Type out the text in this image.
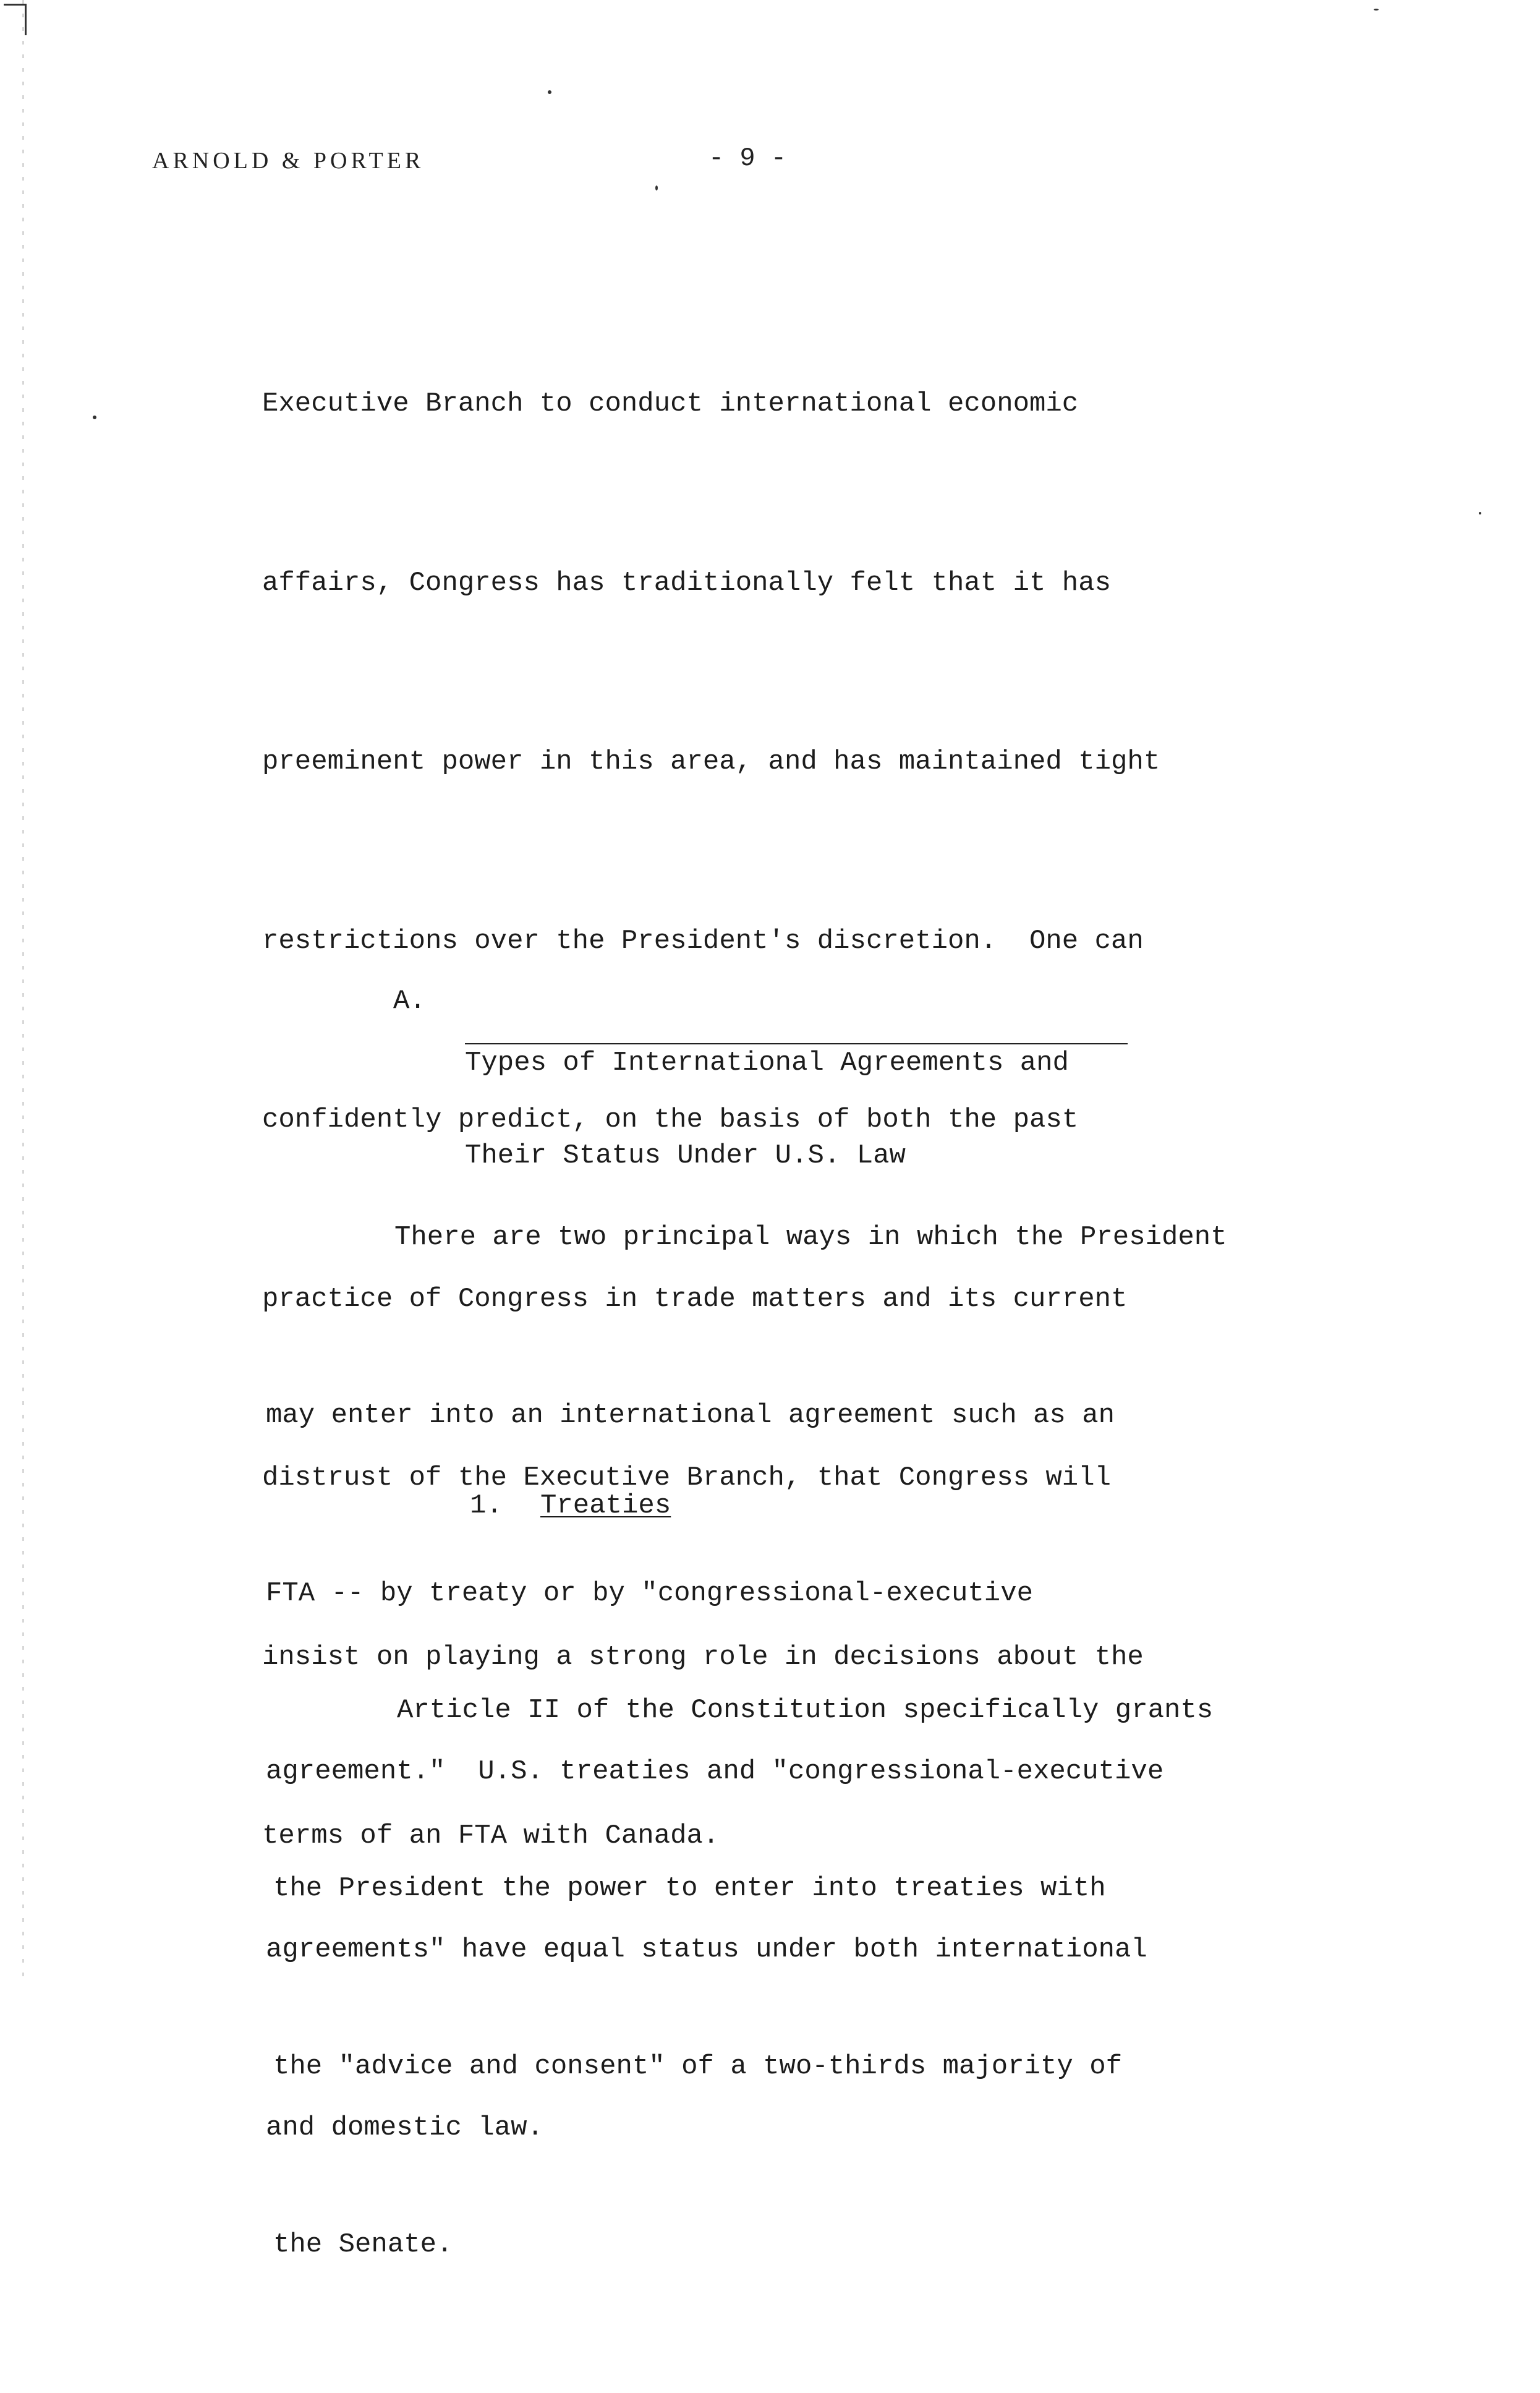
ARNOLD & PORTER	- 9 -

Executive Branch to conduct international economic

affairs, Congress has traditionally felt that it has

preeminent power in this area, and has maintained tight

restrictions over the President's discretion.  One can

confidently predict, on the basis of both the past

practice of Congress in trade matters and its current

distrust of the Executive Branch, that Congress will

insist on playing a strong role in decisions about the

terms of an FTA with Canada.

A.

Types of International Agreements and

Their Status Under U.S. Law

There are two principal ways in which the President

may enter into an international agreement such as an

FTA -- by treaty or by "congressional-executive

agreement."  U.S. treaties and "congressional-executive

agreements" have equal status under both international

and domestic law.

1. Treaties

Article II of the Constitution specifically grants

the President the power to enter into treaties with

the "advice and consent" of a two-thirds majority of

the Senate.
